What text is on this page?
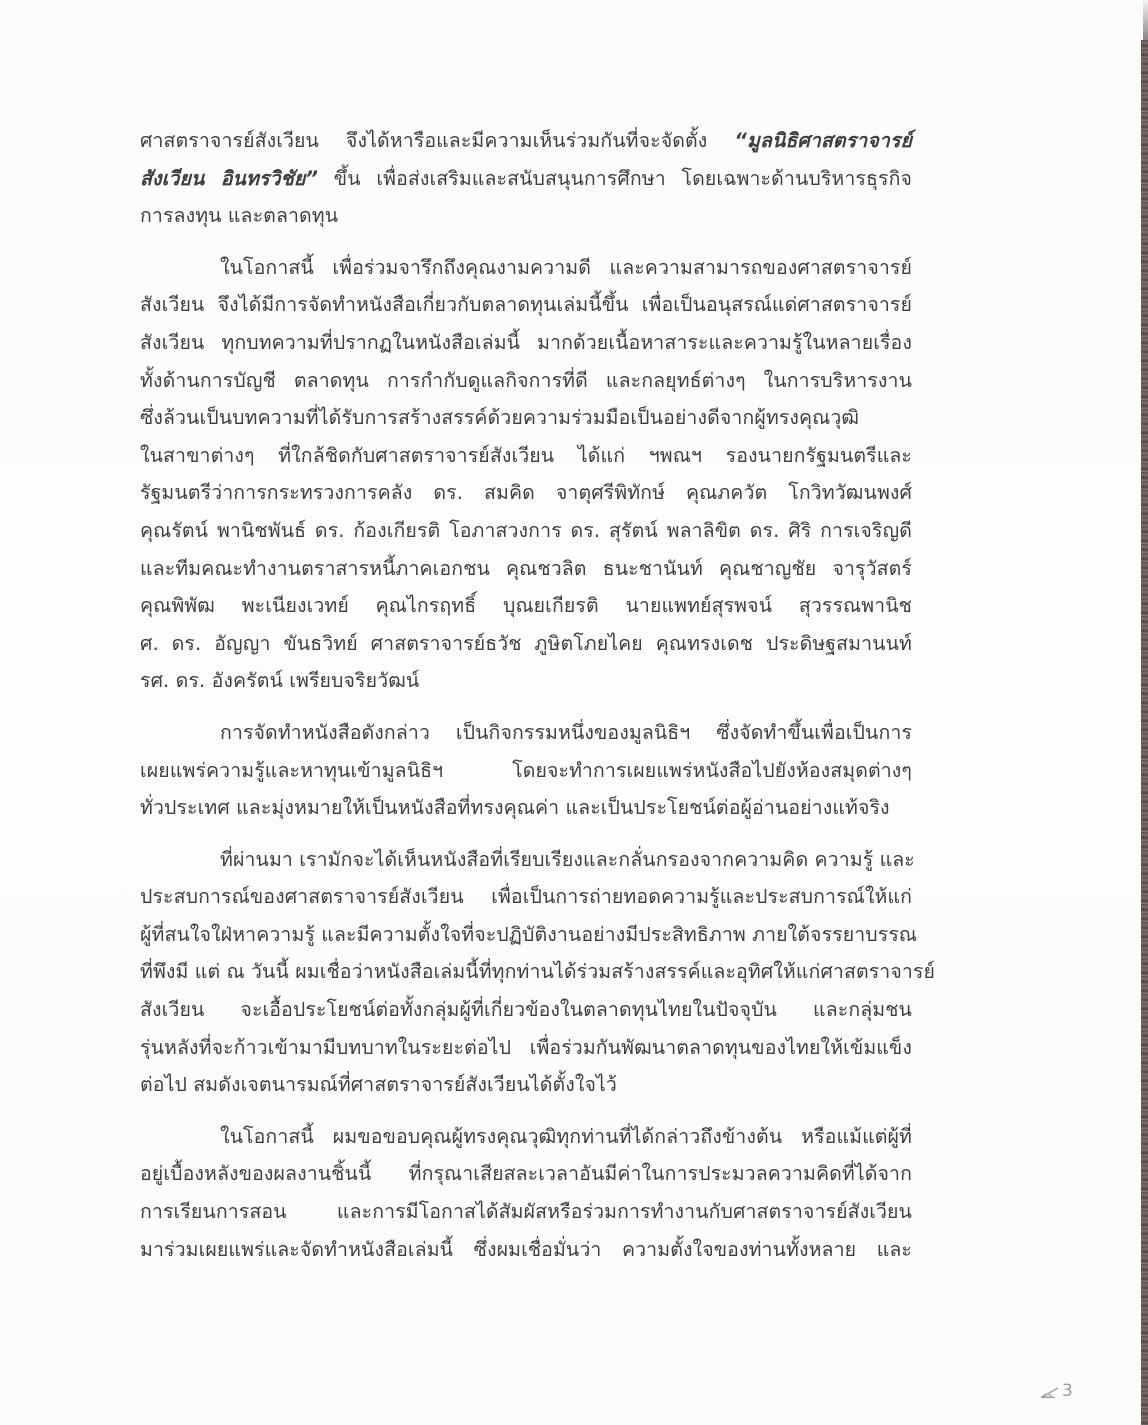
ศาสตราจารย์สังเวียน จึงได้หารือและมีความเห็นร่วมกันที่จะจัดตั้ง “มูลนิธิศาสตราจารย์
สังเวียน อินทรวิชัย” ขึ้น เพื่อส่งเสริมและสนับสนุนการศึกษา โดยเฉพาะด้านบริหารธุรกิจ
การลงทุน และตลาดทุน
ในโอกาสนี้ เพื่อร่วมจารึกถึงคุณงามความดี และความสามารถของศาสตราจารย์
สังเวียน จึงได้มีการจัดทำหนังสือเกี่ยวกับตลาดทุนเล่มนี้ขึ้น เพื่อเป็นอนุสรณ์แด่ศาสตราจารย์
สังเวียน ทุกบทความที่ปรากฏในหนังสือเล่มนี้ มากด้วยเนื้อหาสาระและความรู้ในหลายเรื่อง
ทั้งด้านการบัญชี ตลาดทุน การกำกับดูแลกิจการที่ดี และกลยุทธ์ต่างๆ ในการบริหารงาน
ซึ่งล้วนเป็นบทความที่ได้รับการสร้างสรรค์ด้วยความร่วมมือเป็นอย่างดีจากผู้ทรงคุณวุฒิ
ในสาขาต่างๆ ที่ใกล้ชิดกับศาสตราจารย์สังเวียน ได้แก่ ฯพณฯ รองนายกรัฐมนตรีและ
รัฐมนตรีว่าการกระทรวงการคลัง ดร. สมคิด จาตุศรีพิทักษ์ คุณภควัต โกวิทวัฒนพงศ์
คุณรัตน์ พานิชพันธ์ ดร. ก้องเกียรติ โอภาสวงการ ดร. สุรัตน์ พลาลิขิต ดร. ศิริ การเจริญดี
และทีมคณะทำงานตราสารหนี้ภาคเอกชน คุณชวลิต ธนะชานันท์ คุณชาญชัย จารุวัสตร์
คุณพิพัฒ พะเนียงเวทย์ คุณไกรฤทธิ์ บุณยเกียรติ นายแพทย์สุรพจน์ สุวรรณพานิช
ศ. ดร. อัญญา ขันธวิทย์ ศาสตราจารย์ธวัช ภูษิตโภยไคย คุณทรงเดช ประดิษฐสมานนท์
รศ. ดร. อังครัตน์ เพรียบจริยวัฒน์
การจัดทำหนังสือดังกล่าว เป็นกิจกรรมหนึ่งของมูลนิธิฯ ซึ่งจัดทำขึ้นเพื่อเป็นการ
เผยแพร่ความรู้และหาทุนเข้ามูลนิธิฯ โดยจะทำการเผยแพร่หนังสือไปยังห้องสมุดต่างๆ
ทั่วประเทศ และมุ่งหมายให้เป็นหนังสือที่ทรงคุณค่า และเป็นประโยชน์ต่อผู้อ่านอย่างแท้จริง
ที่ผ่านมา เรามักจะได้เห็นหนังสือที่เรียบเรียงและกลั่นกรองจากความคิด ความรู้ และ
ประสบการณ์ของศาสตราจารย์สังเวียน เพื่อเป็นการถ่ายทอดความรู้และประสบการณ์ให้แก่
ผู้ที่สนใจใฝ่หาความรู้ และมีความตั้งใจที่จะปฏิบัติงานอย่างมีประสิทธิภาพ ภายใต้จรรยาบรรณ
ที่พึงมี แต่ ณ วันนี้ ผมเชื่อว่าหนังสือเล่มนี้ที่ทุกท่านได้ร่วมสร้างสรรค์และอุทิศให้แก่ศาสตราจารย์
สังเวียน จะเอื้อประโยชน์ต่อทั้งกลุ่มผู้ที่เกี่ยวข้องในตลาดทุนไทยในปัจจุบัน และกลุ่มชน
รุ่นหลังที่จะก้าวเข้ามามีบทบาทในระยะต่อไป เพื่อร่วมกันพัฒนาตลาดทุนของไทยให้เข้มแข็ง
ต่อไป สมดังเจตนารมณ์ที่ศาสตราจารย์สังเวียนได้ตั้งใจไว้
ในโอกาสนี้ ผมขอขอบคุณผู้ทรงคุณวุฒิทุกท่านที่ได้กล่าวถึงข้างต้น หรือแม้แต่ผู้ที่
อยู่เบื้องหลังของผลงานชิ้นนี้ ที่กรุณาเสียสละเวลาอันมีค่าในการประมวลความคิดที่ได้จาก
การเรียนการสอน และการมีโอกาสได้สัมผัสหรือร่วมการทำงานกับศาสตราจารย์สังเวียน
มาร่วมเผยแพร่และจัดทำหนังสือเล่มนี้ ซึ่งผมเชื่อมั่นว่า ความตั้งใจของท่านทั้งหลาย และ
3
